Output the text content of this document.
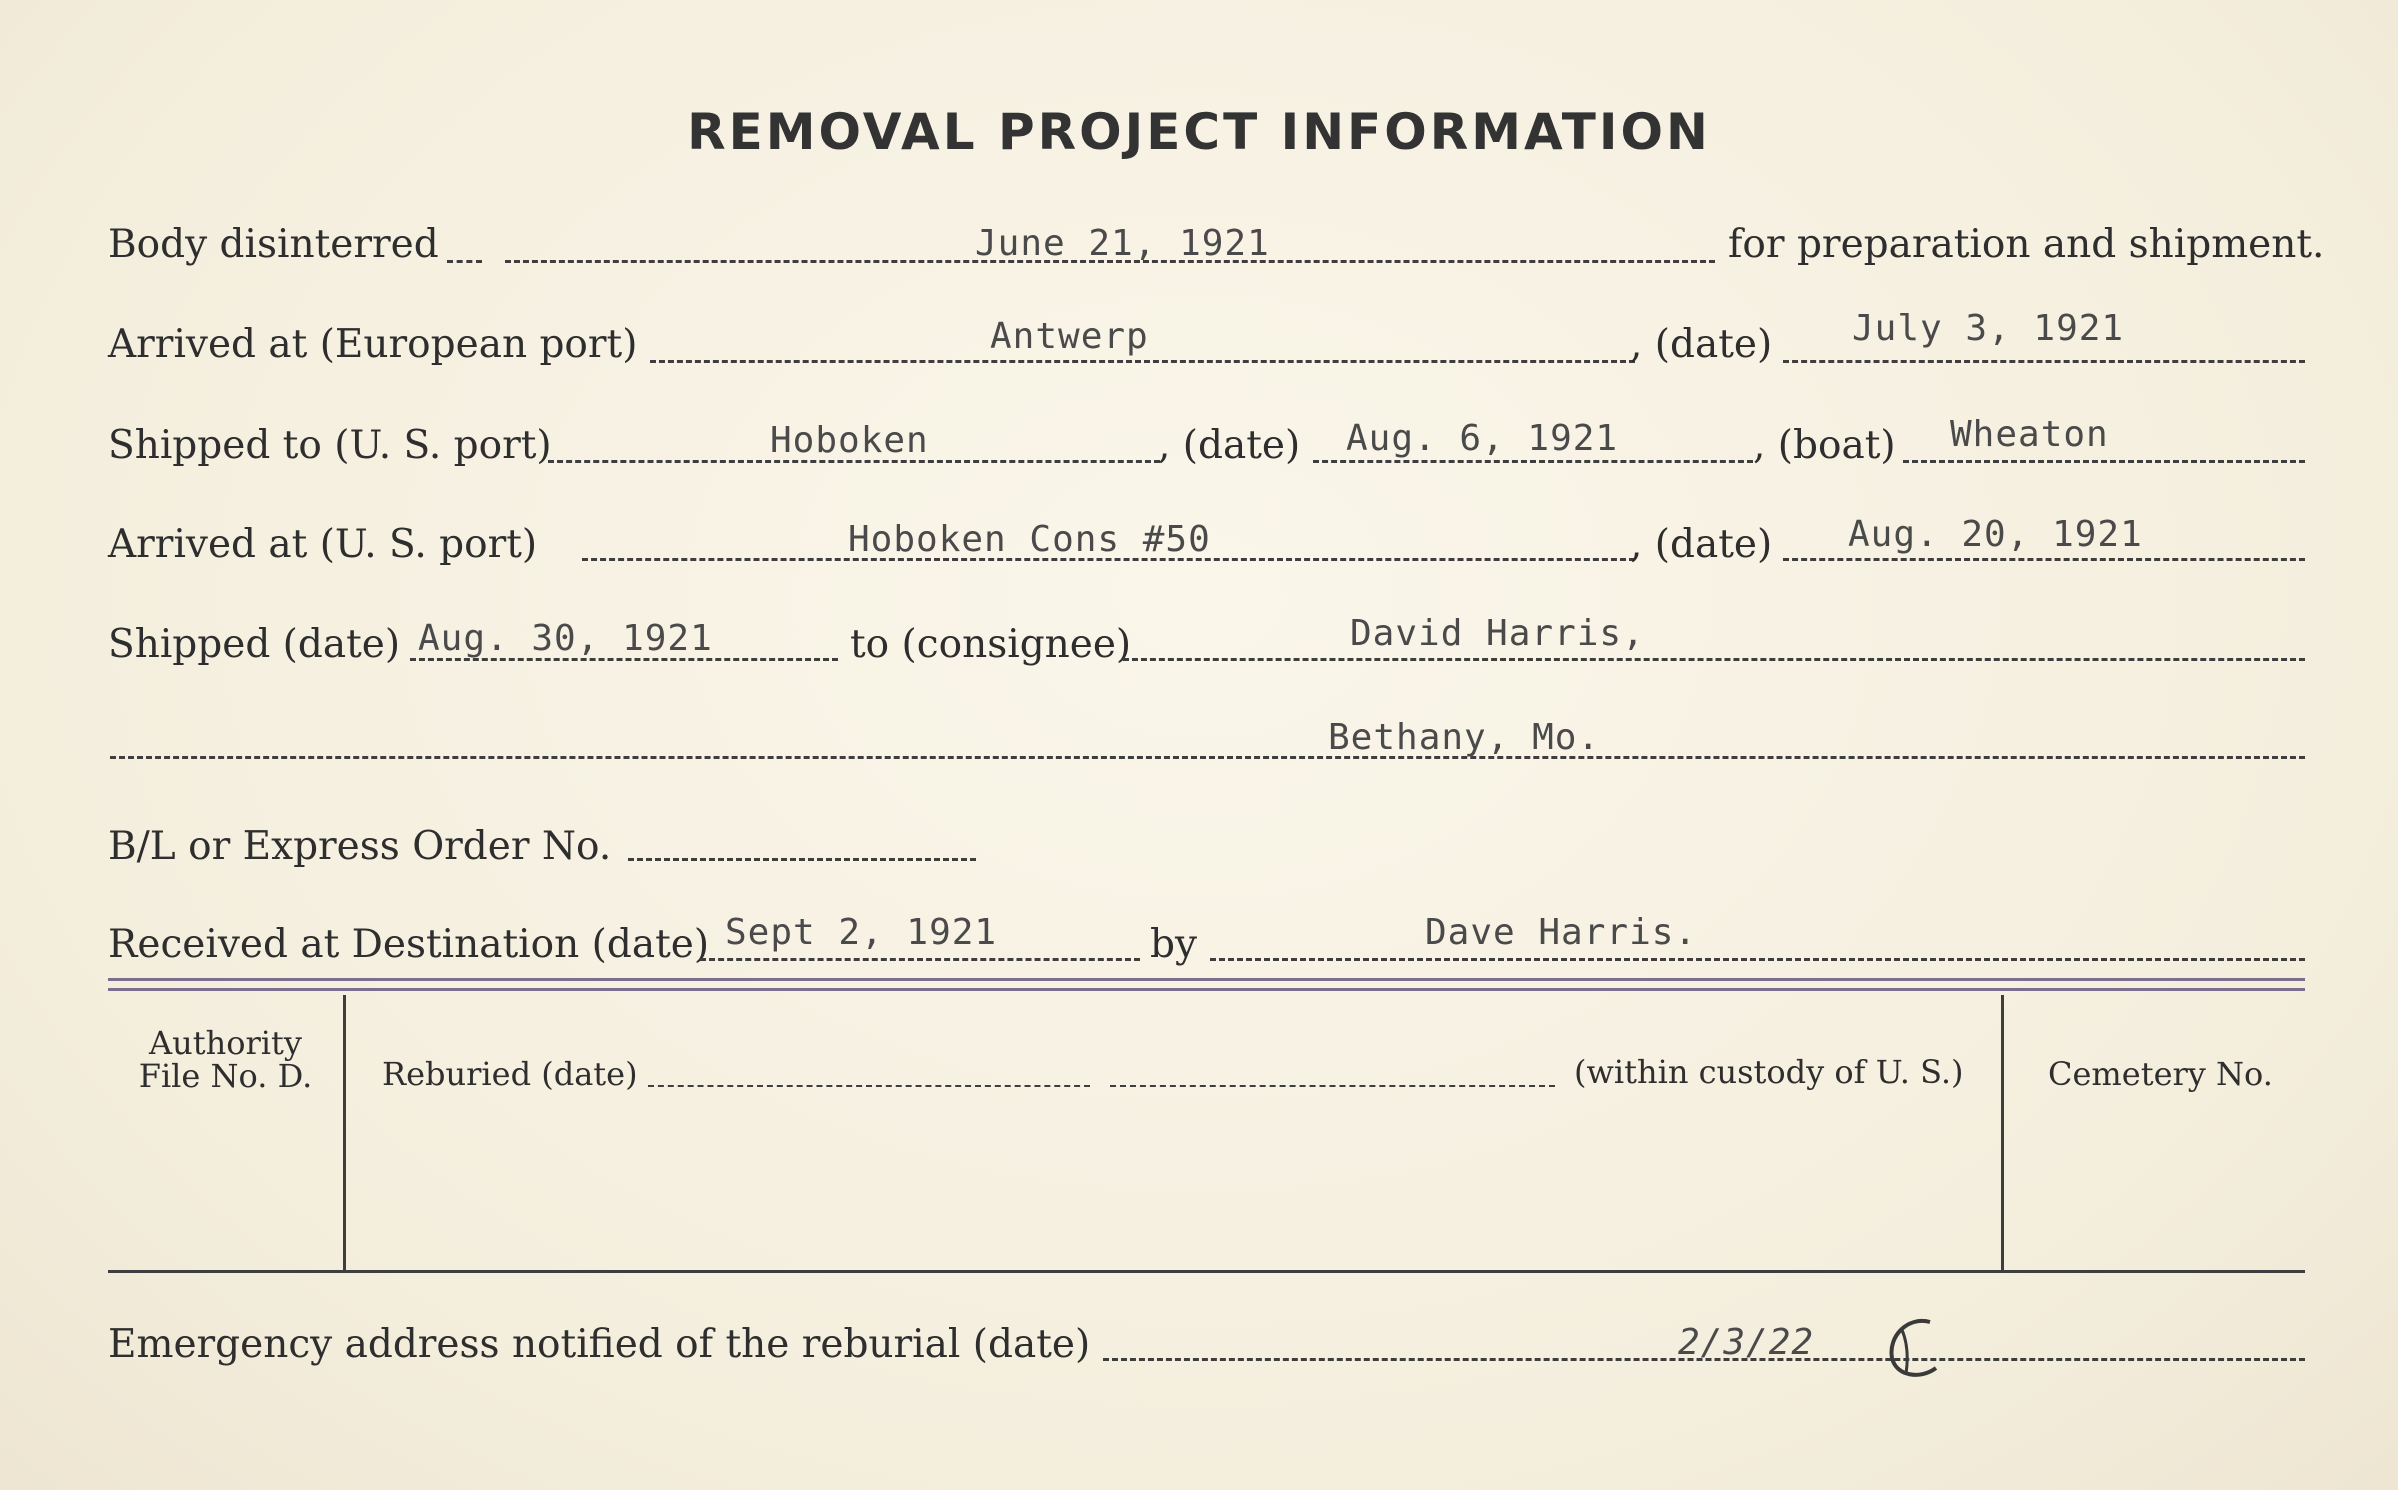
REMOVAL PROJECT INFORMATION
Body disinterred	June 21, 1921	for preparation and shipment.
Arrived at (European port)	Antwerp	, (date) July 3, 1921
Shipped to (U. S. port)	Hoboken	, (date) Aug. 6, 1921	, (boat) Wheaton
Arrived at (U. S. port)	Hoboken Cons #50	, (date) Aug. 20, 1921
Shipped (date) Aug. 30, 1921	to (consignee)	David Harris,
Bethany, Mo.
B/L or Express Order No.
Received at Destination (date) Sept 2, 1921	by	Dave Harris.
Authority
File No. D.	Reburied (date)	(within custody of U. S.)	Cemetery No.
Emergency address notified of the reburial (date)	2/3/22
